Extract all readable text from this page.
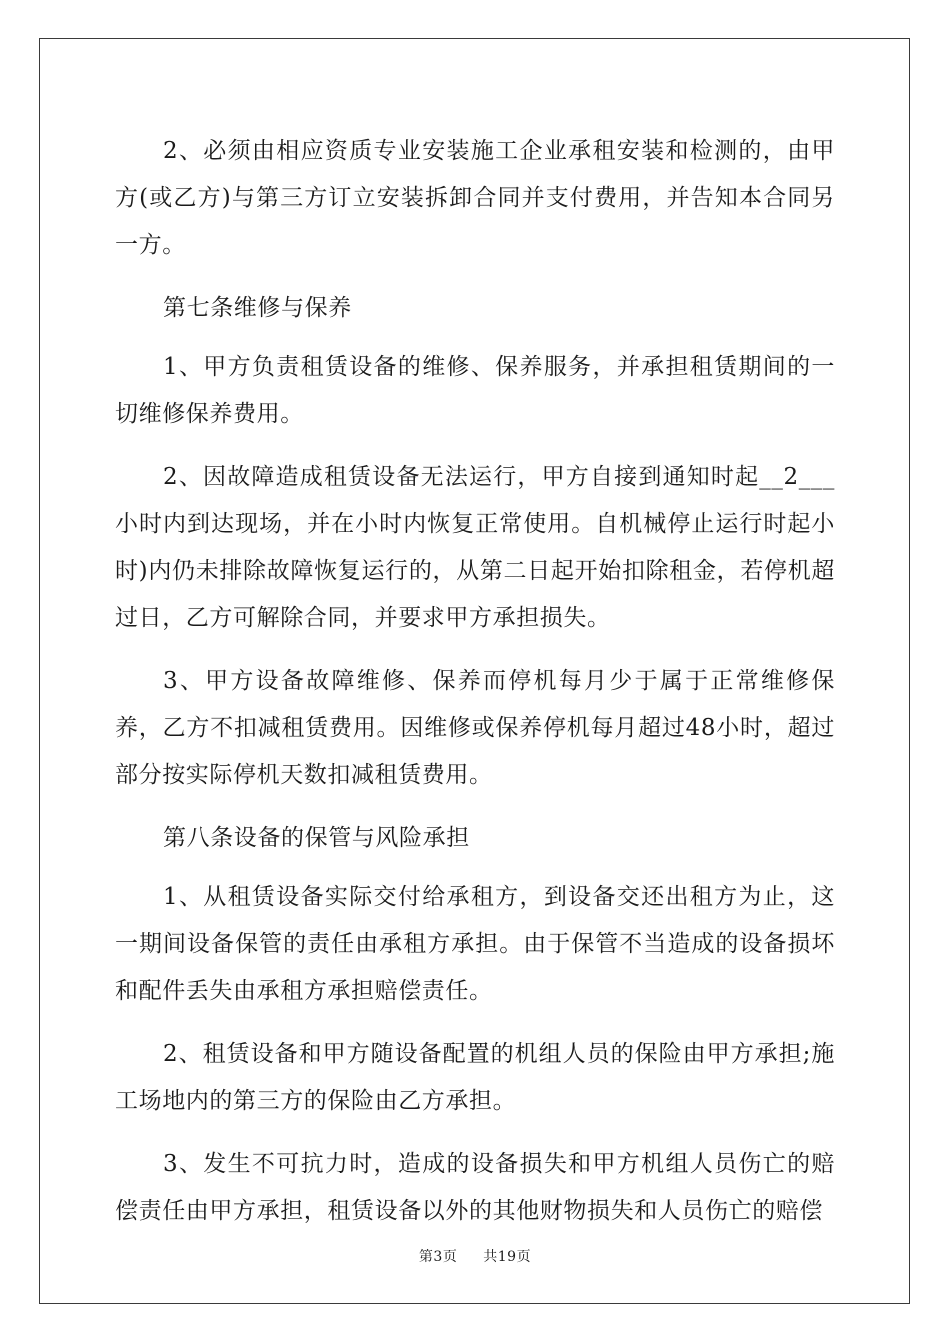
2、必须由相应资质专业安装施工企业承租安装和检测的，由甲方(或乙方)与第三方订立安装拆卸合同并支付费用，并告知本合同另一方。

第七条维修与保养

1、甲方负责租赁设备的维修、保养服务，并承担租赁期间的一切维修保养费用。

2、因故障造成租赁设备无法运行，甲方自接到通知时起__2___小时内到达现场，并在小时内恢复正常使用。自机械停止运行时起小时)内仍未排除故障恢复运行的，从第二日起开始扣除租金，若停机超过日，乙方可解除合同，并要求甲方承担损失。

3、甲方设备故障维修、保养而停机每月少于属于正常维修保养，乙方不扣减租赁费用。因维修或保养停机每月超过48小时，超过部分按实际停机天数扣减租赁费用。

第八条设备的保管与风险承担

1、从租赁设备实际交付给承租方，到设备交还出租方为止，这一期间设备保管的责任由承租方承担。由于保管不当造成的设备损坏和配件丢失由承租方承担赔偿责任。

2、租赁设备和甲方随设备配置的机组人员的保险由甲方承担;施工场地内的第三方的保险由乙方承担。

3、发生不可抗力时，造成的设备损失和甲方机组人员伤亡的赔偿责任由甲方承担，租赁设备以外的其他财物损失和人员伤亡的赔偿

第3页 共19页
